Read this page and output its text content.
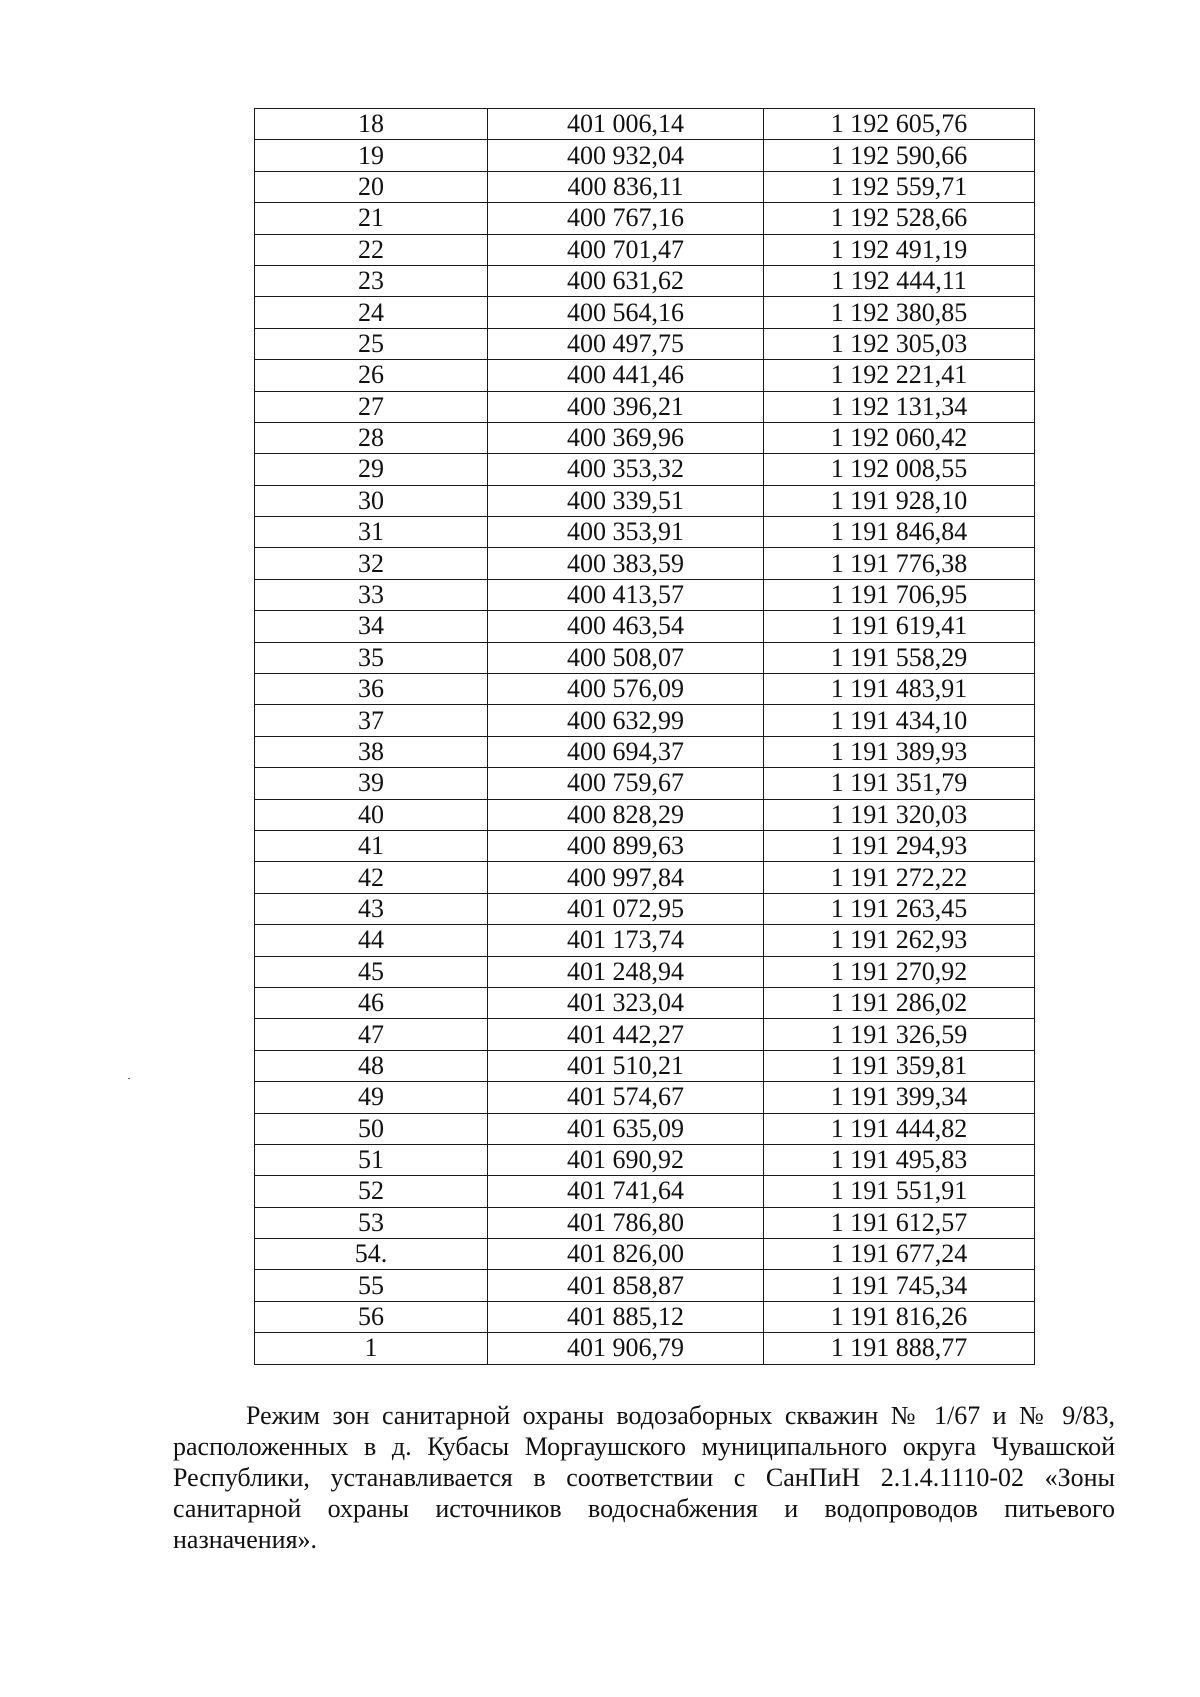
18	401 006,14	1 192 605,76
19	400 932,04	1 192 590,66
20	400 836,11	1 192 559,71
21	400 767,16	1 192 528,66
22	400 701,47	1 192 491,19
23	400 631,62	1 192 444,11
24	400 564,16	1 192 380,85
25	400 497,75	1 192 305,03
26	400 441,46	1 192 221,41
27	400 396,21	1 192 131,34
28	400 369,96	1 192 060,42
29	400 353,32	1 192 008,55
30	400 339,51	1 191 928,10
31	400 353,91	1 191 846,84
32	400 383,59	1 191 776,38
33	400 413,57	1 191 706,95
34	400 463,54	1 191 619,41
35	400 508,07	1 191 558,29
36	400 576,09	1 191 483,91
37	400 632,99	1 191 434,10
38	400 694,37	1 191 389,93
39	400 759,67	1 191 351,79
40	400 828,29	1 191 320,03
41	400 899,63	1 191 294,93
42	400 997,84	1 191 272,22
43	401 072,95	1 191 263,45
44	401 173,74	1 191 262,93
45	401 248,94	1 191 270,92
46	401 323,04	1 191 286,02
47	401 442,27	1 191 326,59
48	401 510,21	1 191 359,81
49	401 574,67	1 191 399,34
50	401 635,09	1 191 444,82
51	401 690,92	1 191 495,83
52	401 741,64	1 191 551,91
53	401 786,80	1 191 612,57
54.	401 826,00	1 191 677,24
55	401 858,87	1 191 745,34
56	401 885,12	1 191 816,26
1	401 906,79	1 191 888,77

Режим зон санитарной охраны водозаборных скважин № 1/67 и № 9/83, расположенных в д. Кубасы Моргаушского муниципального округа Чувашской Республики, устанавливается в соответствии с СанПиН 2.1.4.1110-02 «Зоны санитарной охраны источников водоснабжения и водопроводов питьевого назначения».
